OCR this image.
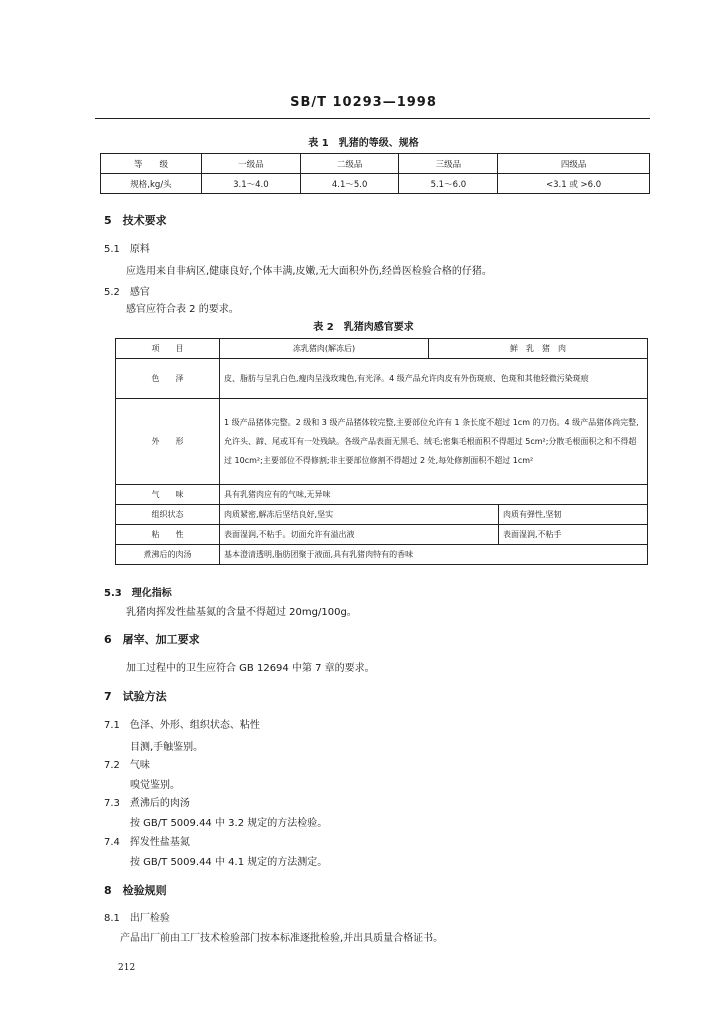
SB/T 10293—1998
表 1　乳猪的等级、规格
等　　级	一级品	二级品	三级品	四级品
规格,kg/头	3.1～4.0	4.1～5.0	5.1～6.0	<3.1 或 >6.0
5　技术要求
5.1　原料
应选用来自非病区,健康良好,个体丰满,皮嫩,无大面积外伤,经兽医检验合格的仔猪。
5.2　感官
感官应符合表 2 的要求。
表 2　乳猪肉感官要求
项　　目	冻乳猪肉(解冻后)	鲜　乳　猪　肉	
色　　泽	皮、脂肪与呈乳白色,瘦肉呈浅玫瑰色,有光泽。4 级产品允许肉皮有外伤斑痕、色斑和其他轻微污染斑痕		
外　　形	1 级产品猪体完整。2 级和 3 级产品猪体较完整,主要部位允许有 1 条长度不超过 1cm 的刀伤。4 级产品猪体尚完整,允许头、蹄、尾或耳有一处残缺。各级产品表面无黑毛、绒毛;密集毛根面积不得超过 5cm²;分散毛根面积之和不得超过 10cm²;主要部位不得修割;非主要部位修割不得超过 2 处,每处修割面积不超过 1cm²		
气　　味	具有乳猪肉应有的气味,无异味		
组织状态	肉质紧密,解冻后坚结良好,坚实		肉质有弹性,坚韧
粘　　性	表面湿润,不粘手。切面允许有溢出液		表面湿润,不粘手
煮沸后的肉汤	基本澄清透明,脂肪团聚于液面,具有乳猪肉特有的香味		
5.3　理化指标
乳猪肉挥发性盐基氮的含量不得超过 20mg/100g。
6　屠宰、加工要求
加工过程中的卫生应符合 GB 12694 中第 7 章的要求。
7　试验方法
7.1　色泽、外形、组织状态、粘性
目测,手触鉴别。
7.2　气味
嗅觉鉴别。
7.3　煮沸后的肉汤
按 GB/T 5009.44 中 3.2 规定的方法检验。
7.4　挥发性盐基氮
按 GB/T 5009.44 中 4.1 规定的方法测定。
8　检验规则
8.1　出厂检验
产品出厂前由工厂技术检验部门按本标准逐批检验,并出具质量合格证书。
212
